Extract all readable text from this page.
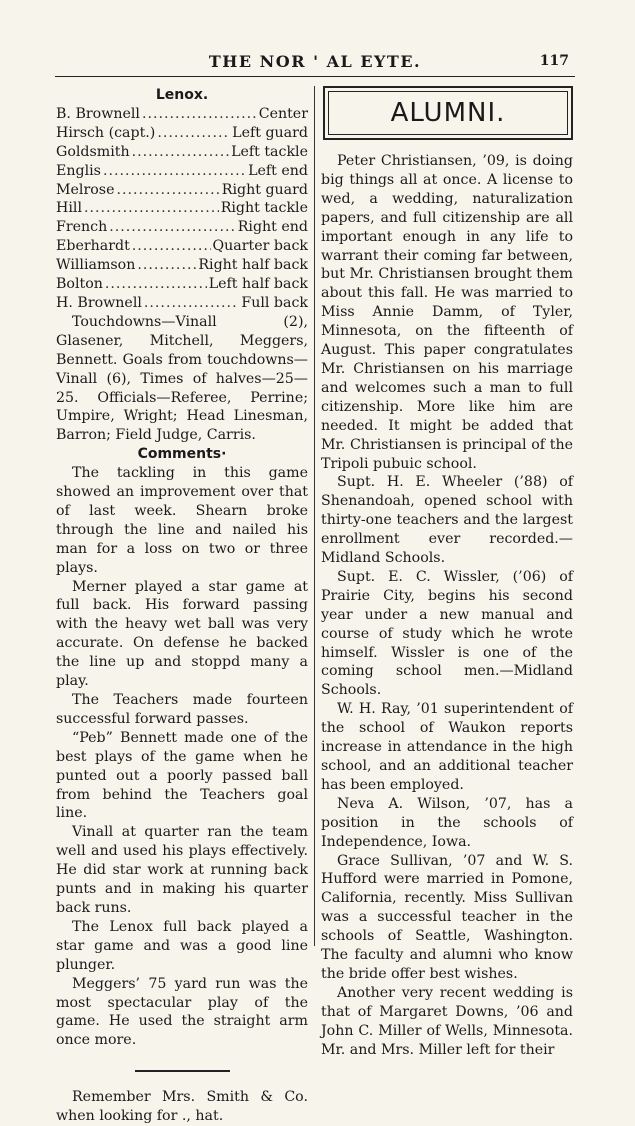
THE NOR ' AL EYTE.	117
Lenox.
B. Brownell .....	Center
Hirsch (capt.) .....	Left guard
Goldsmith .....	Left tackle
Englis .....	Left end
Melrose .....	Right guard
Hill .....	Right tackle
French .....	Right end
Eberhardt .....	Quarter back
Williamson .....	Right half back
Bolton .....	Left half back
H. Brownell .....	Full back

Touchdowns—Vinall (2), Glasener, Mitchell, Meggers, Bennett. Goals from touchdowns—Vinall (6), Times of halves—25—25. Officials—Referee, Perrine; Umpire, Wright; Head Linesman, Barron; Field Judge, Carris.

Comments·

The tackling in this game showed an improvement over that of last week. Shearn broke through the line and nailed his man for a loss on two or three plays.

Merner played a star game at full back. His forward passing with the heavy wet ball was very accurate. On defense he backed the line up and stoppd many a play.

The Teachers made fourteen successful forward passes.

“Peb” Bennett made one of the best plays of the game when he punted out a poorly passed ball from behind the Teachers goal line.

Vinall at quarter ran the team well and used his plays effectively. He did star work at running back punts and in making his quarter back runs.

The Lenox full back played a star game and was a good line plunger.

Meggers’ 75 yard run was the most spectacular play of the game. He used the straight arm once more.

Remember Mrs. Smith & Co. when looking for ., hat.

ALUMNI.

Peter Christiansen, ’09, is doing big things all at once. A license to wed, a wedding, naturalization papers, and full citizenship are all important enough in any life to warrant their coming far between, but Mr. Christiansen brought them about this fall. He was married to Miss Annie Damm, of Tyler, Minnesota, on the fifteenth of August. This paper congratulates Mr. Christiansen on his marriage and welcomes such a man to full citizenship. More like him are needed. It might be added that Mr. Christiansen is principal of the Tripoli pubuic school.

Supt. H. E. Wheeler (’88) of Shenandoah, opened school with thirty-one teachers and the largest enrollment ever recorded.—Midland Schools.

Supt. E. C. Wissler, (’06) of Prairie City, begins his second year under a new manual and course of study which he wrote himself. Wissler is one of the coming school men.—Midland Schools.

W. H. Ray, ’01 superintendent of the school of Waukon reports increase in attendance in the high school, and an additional teacher has been employed.

Neva A. Wilson, ’07, has a position in the schools of Independence, Iowa.

Grace Sullivan, ’07 and W. S. Hufford were married in Pomone, California, recently. Miss Sullivan was a successful teacher in the schools of Seattle, Washington. The faculty and alumni who know the bride offer best wishes.

Another very recent wedding is that of Margaret Downs, ’06 and John C. Miller of Wells, Minnesota. Mr. and Mrs. Miller left for their
